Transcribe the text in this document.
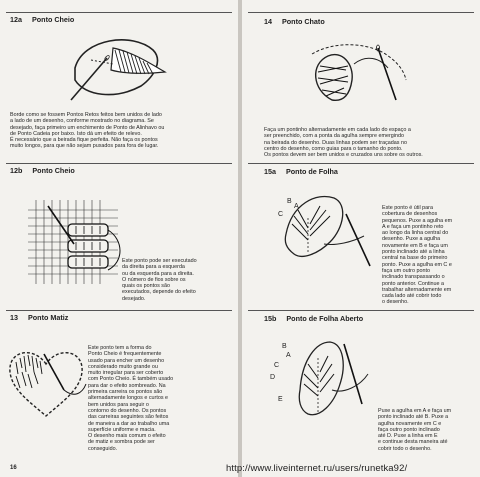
12a Ponto Cheio
Borde como se fossem Pontos Retos feitos bem unidos de lado
a lado de um desenho, conforme mostrado no diagrama. Se
desejado, faça primeiro um enchimento de Ponto de Alinhavo ou
de Ponto Cadeia por baixo. Isto dá um efeito de relevo.
É necessário que a beirada fique perfeita. Não faça os pontos
muito longos, para que não sejam puxados para fora de lugar.
12b Ponto Cheio
Este ponto pode ser executado
da direita para a esquerda
ou da esquerda para a direita.
O número de fios sobre os
quais os pontos são
executados, depende do efeito
desejado.
13 Ponto Matiz
Este ponto tem a forma do
Ponto Cheio é frequentemente
usado para encher um desenho
considerado muito grande ou
muito irregular para ser coberto
com Ponto Cheio. É também usado
para dar o efeito sombreado. Na
primeira carreira os pontos são
alternadamente longos e curtos e
bem unidos para seguir o
contorno do desenho. Os pontos
das carreiras seguintes são feitos
de maneira a dar ao trabalho uma
superfície uniforme e macia.
O desenho mais comum o efeito
de matiz e sombra pode ser
conseguido.
16
14 Ponto Chato
Faça um pontinho alternadamente em cada lado do espaço a
ser preenchido, com a ponta da agulha sempre emergindo
na beirada do desenho. Duas linhas podem ser traçadas no
centro do desenho, como guias para o tamanho do ponto.
Os pontos devem ser bem unidos e cruzados uns sobre os outros.
15a Ponto de Folha
B
A
C
Este ponto é útil para
cobertura de desenhos
pequenos. Puxe a agulha em
A e faça um pontinho reto
ao longo da linha central do
desenho. Puxe a agulha
novamente em B e faça um
ponto inclinado até a linha
central na base do primeiro
ponto. Puxe a agulha em C e
faça um outro ponto
inclinado transpassando o
ponto anterior. Continue a
trabalhar alternadamente em
cada lado até cobrir todo
o desenho.
15b Ponto de Folha Aberto
B
A
C
D
E
Puxe a agulha em A e faça um
ponto inclinado até B. Puxe a
agulha novamente em C e
faça outro ponto inclinado
até D. Puxe a linha em E
e continue desta maneira até
cobrir todo o desenho.
http://www.liveinternet.ru/users/runetka92/
